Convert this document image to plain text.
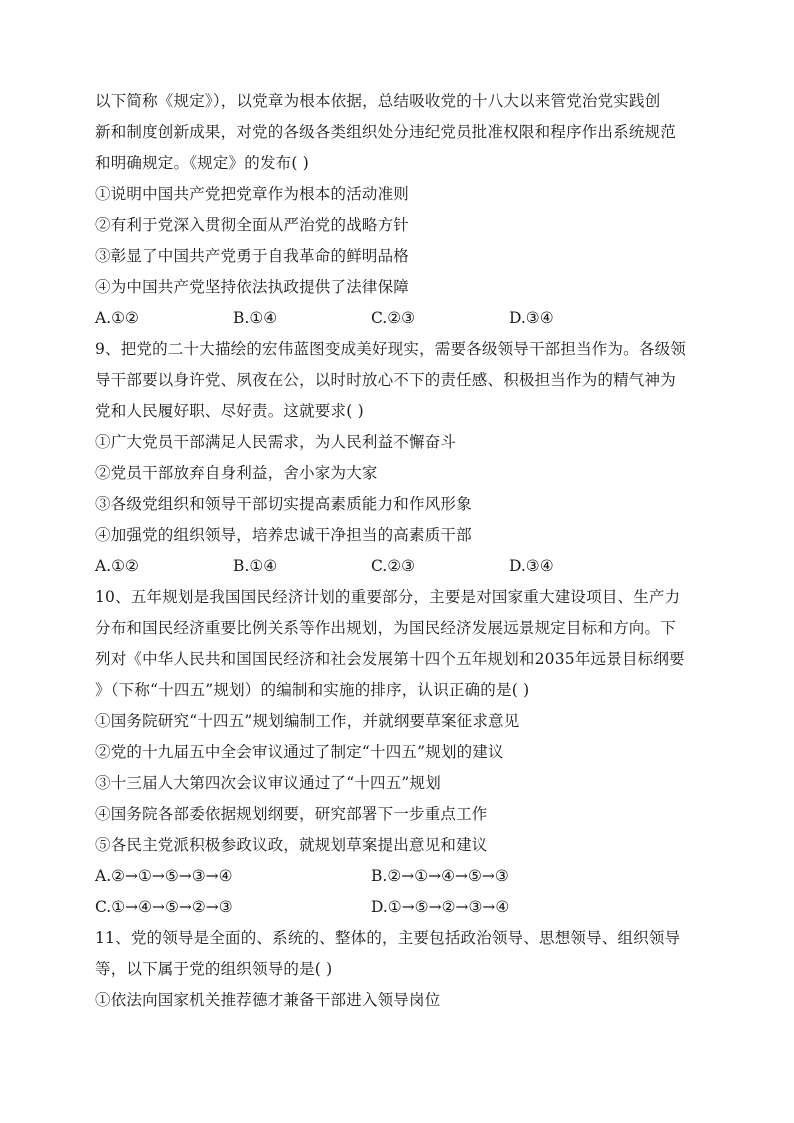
以下简称《规定》），以党章为根本依据，总结吸收党的十八大以来管党治党实践创
新和制度创新成果，对党的各级各类组织处分违纪党员批准权限和程序作出系统规范
和明确规定。《规定》的发布( )
①说明中国共产党把党章作为根本的活动准则
②有利于党深入贯彻全面从严治党的战略方针
③彰显了中国共产党勇于自我革命的鲜明品格
④为中国共产党坚持依法执政提供了法律保障
A.①②	B.①④	C.②③	D.③④
9、把党的二十大描绘的宏伟蓝图变成美好现实，需要各级领导干部担当作为。各级领
导干部要以身许党、夙夜在公，以时时放心不下的责任感、积极担当作为的精气神为
党和人民履好职、尽好责。这就要求( )
①广大党员干部满足人民需求，为人民利益不懈奋斗
②党员干部放弃自身利益，舍小家为大家
③各级党组织和领导干部切实提高素质能力和作风形象
④加强党的组织领导，培养忠诚干净担当的高素质干部
A.①②	B.①④	C.②③	D.③④
10、五年规划是我国国民经济计划的重要部分，主要是对国家重大建设项目、生产力
分布和国民经济重要比例关系等作出规划，为国民经济发展远景规定目标和方向。下
列对《中华人民共和国国民经济和社会发展第十四个五年规划和2035年远景目标纲要
》（下称“十四五”规划）的编制和实施的排序，认识正确的是( )
①国务院研究“十四五”规划编制工作，并就纲要草案征求意见
②党的十九届五中全会审议通过了制定“十四五”规划的建议
③十三届人大第四次会议审议通过了“十四五”规划
④国务院各部委依据规划纲要，研究部署下一步重点工作
⑤各民主党派积极参政议政，就规划草案提出意见和建议
A.②→①→⑤→③→④	B.②→①→④→⑤→③
C.①→④→⑤→②→③	D.①→⑤→②→③→④
11、党的领导是全面的、系统的、整体的，主要包括政治领导、思想领导、组织领导
等，以下属于党的组织领导的是( )
①依法向国家机关推荐德才兼备干部进入领导岗位
